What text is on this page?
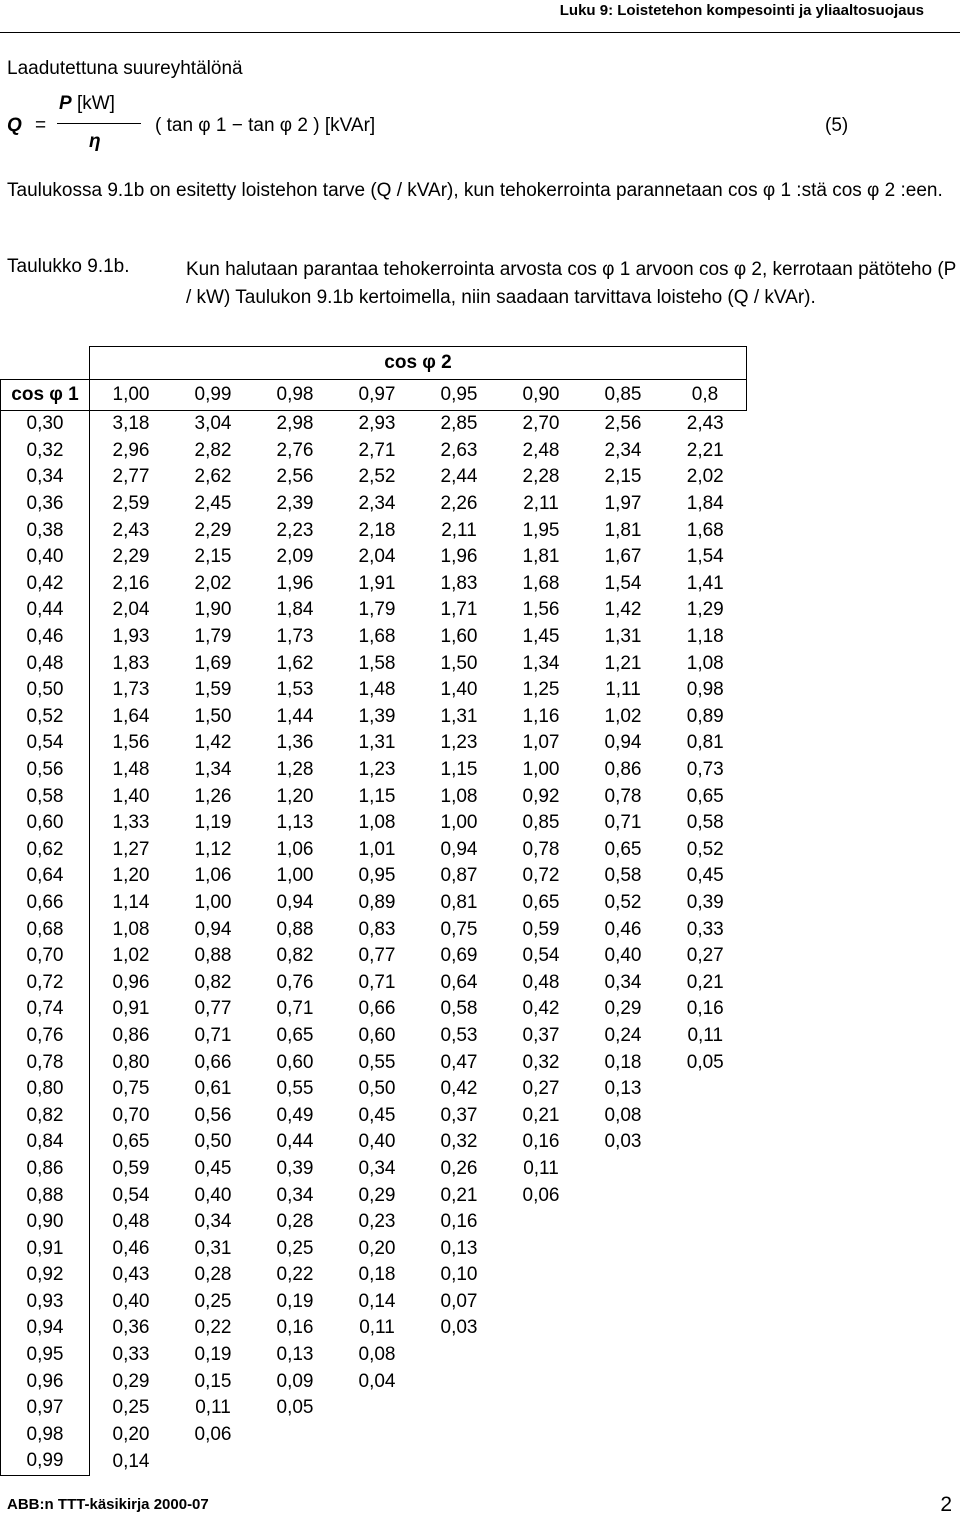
Luku 9: Loistetehon kompesointi ja yliaaltosuojaus
Laadutettuna suureyhtälönä
Q =
P [kW]
η
( tan φ 1 − tan φ 2 ) [kVAr]	(5)
Taulukossa 9.1b on esitetty loistehon tarve (Q / kVAr), kun tehokerrointa parannetaan cos φ 1 :stä cos φ 2 :een.
Taulukko 9.1b.	Kun halutaan parantaa tehokerrointa arvosta cos φ 1 arvoon cos φ 2, kerrotaan pätöteho (P / kW) Taulukon 9.1b kertoimella, niin saadaan tarvittava loisteho (Q / kVAr).
	cos φ 2							
cos φ 1	1,00	0,99	0,98	0,97	0,95	0,90	0,85	0,8
0,30	3,18	3,04	2,98	2,93	2,85	2,70	2,56	2,43
0,32	2,96	2,82	2,76	2,71	2,63	2,48	2,34	2,21
0,34	2,77	2,62	2,56	2,52	2,44	2,28	2,15	2,02
0,36	2,59	2,45	2,39	2,34	2,26	2,11	1,97	1,84
0,38	2,43	2,29	2,23	2,18	2,11	1,95	1,81	1,68
0,40	2,29	2,15	2,09	2,04	1,96	1,81	1,67	1,54
0,42	2,16	2,02	1,96	1,91	1,83	1,68	1,54	1,41
0,44	2,04	1,90	1,84	1,79	1,71	1,56	1,42	1,29
0,46	1,93	1,79	1,73	1,68	1,60	1,45	1,31	1,18
0,48	1,83	1,69	1,62	1,58	1,50	1,34	1,21	1,08
0,50	1,73	1,59	1,53	1,48	1,40	1,25	1,11	0,98
0,52	1,64	1,50	1,44	1,39	1,31	1,16	1,02	0,89
0,54	1,56	1,42	1,36	1,31	1,23	1,07	0,94	0,81
0,56	1,48	1,34	1,28	1,23	1,15	1,00	0,86	0,73
0,58	1,40	1,26	1,20	1,15	1,08	0,92	0,78	0,65
0,60	1,33	1,19	1,13	1,08	1,00	0,85	0,71	0,58
0,62	1,27	1,12	1,06	1,01	0,94	0,78	0,65	0,52
0,64	1,20	1,06	1,00	0,95	0,87	0,72	0,58	0,45
0,66	1,14	1,00	0,94	0,89	0,81	0,65	0,52	0,39
0,68	1,08	0,94	0,88	0,83	0,75	0,59	0,46	0,33
0,70	1,02	0,88	0,82	0,77	0,69	0,54	0,40	0,27
0,72	0,96	0,82	0,76	0,71	0,64	0,48	0,34	0,21
0,74	0,91	0,77	0,71	0,66	0,58	0,42	0,29	0,16
0,76	0,86	0,71	0,65	0,60	0,53	0,37	0,24	0,11
0,78	0,80	0,66	0,60	0,55	0,47	0,32	0,18	0,05
0,80	0,75	0,61	0,55	0,50	0,42	0,27	0,13	
0,82	0,70	0,56	0,49	0,45	0,37	0,21	0,08	
0,84	0,65	0,50	0,44	0,40	0,32	0,16	0,03	
0,86	0,59	0,45	0,39	0,34	0,26	0,11		
0,88	0,54	0,40	0,34	0,29	0,21	0,06		
0,90	0,48	0,34	0,28	0,23	0,16			
0,91	0,46	0,31	0,25	0,20	0,13			
0,92	0,43	0,28	0,22	0,18	0,10			
0,93	0,40	0,25	0,19	0,14	0,07			
0,94	0,36	0,22	0,16	0,11	0,03			
0,95	0,33	0,19	0,13	0,08				
0,96	0,29	0,15	0,09	0,04				
0,97	0,25	0,11	0,05					
0,98	0,20	0,06						
0,99	0,14							
ABB:n TTT-käsikirja 2000-07	2
